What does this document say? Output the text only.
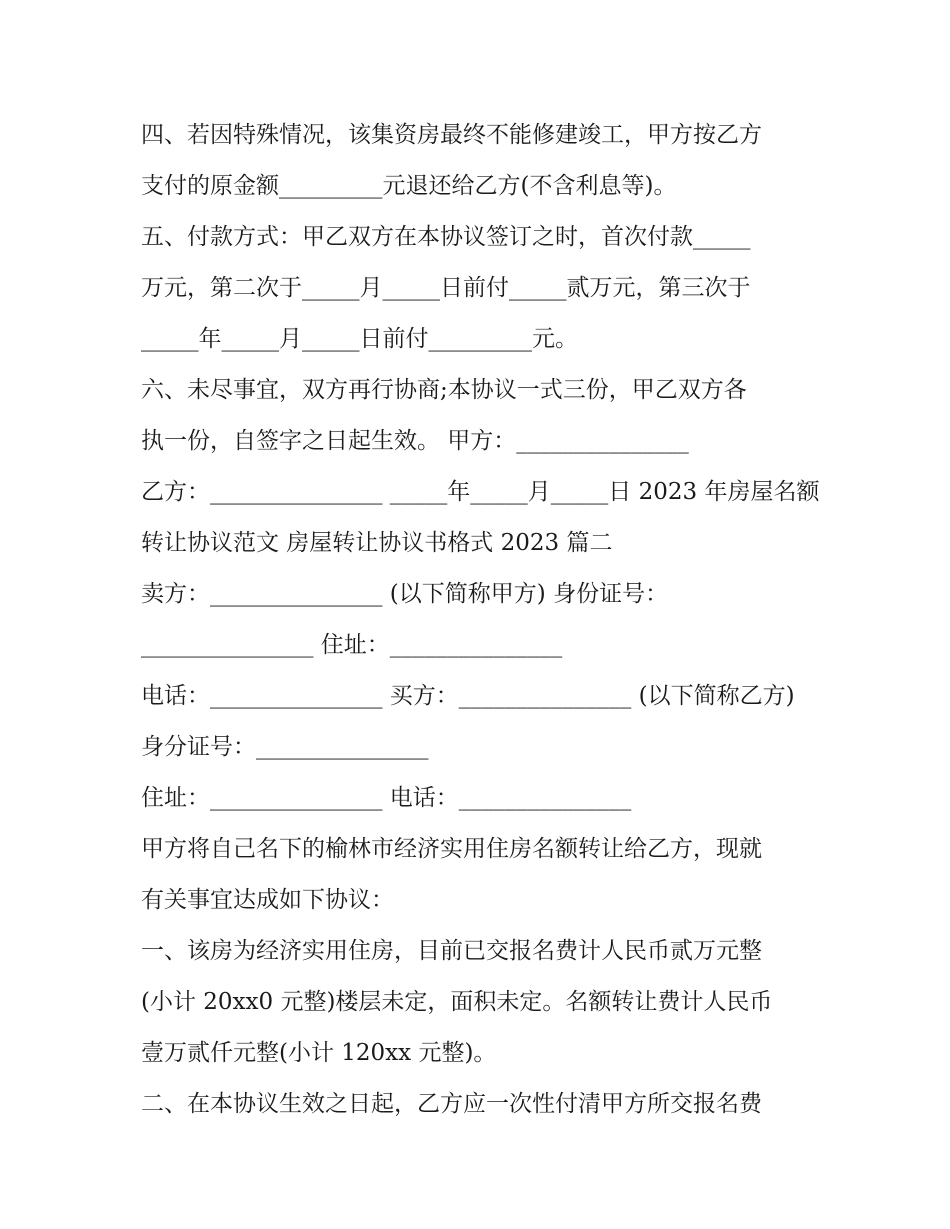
四、若因特殊情况，该集资房最终不能修建竣工，甲方按乙方
支付的原金额_________元退还给乙方(不含利息等)。
五、付款方式：甲乙双方在本协议签订之时，首次付款_____
万元，第二次于_____月_____日前付_____贰万元，第三次于
_____年_____月_____日前付_________元。
六、未尽事宜，双方再行协商;本协议一式三份，甲乙双方各
执一份，自签字之日起生效。 甲方：_______________
乙方：_______________ _____年_____月_____日 2023 年房屋名额
转让协议范文 房屋转让协议书格式 2023 篇二
卖方：_______________ (以下简称甲方) 身份证号：
_______________ 住址：_______________
电话：_______________ 买方：_______________ (以下简称乙方)
身分证号：_______________
住址：_______________ 电话：_______________
甲方将自己名下的榆林市经济实用住房名额转让给乙方，现就
有关事宜达成如下协议：
一、该房为经济实用住房，目前已交报名费计人民币贰万元整
(小计 20xx0 元整)楼层未定，面积未定。名额转让费计人民币
壹万贰仟元整(小计 120xx 元整)。
二、在本协议生效之日起，乙方应一次性付清甲方所交报名费
